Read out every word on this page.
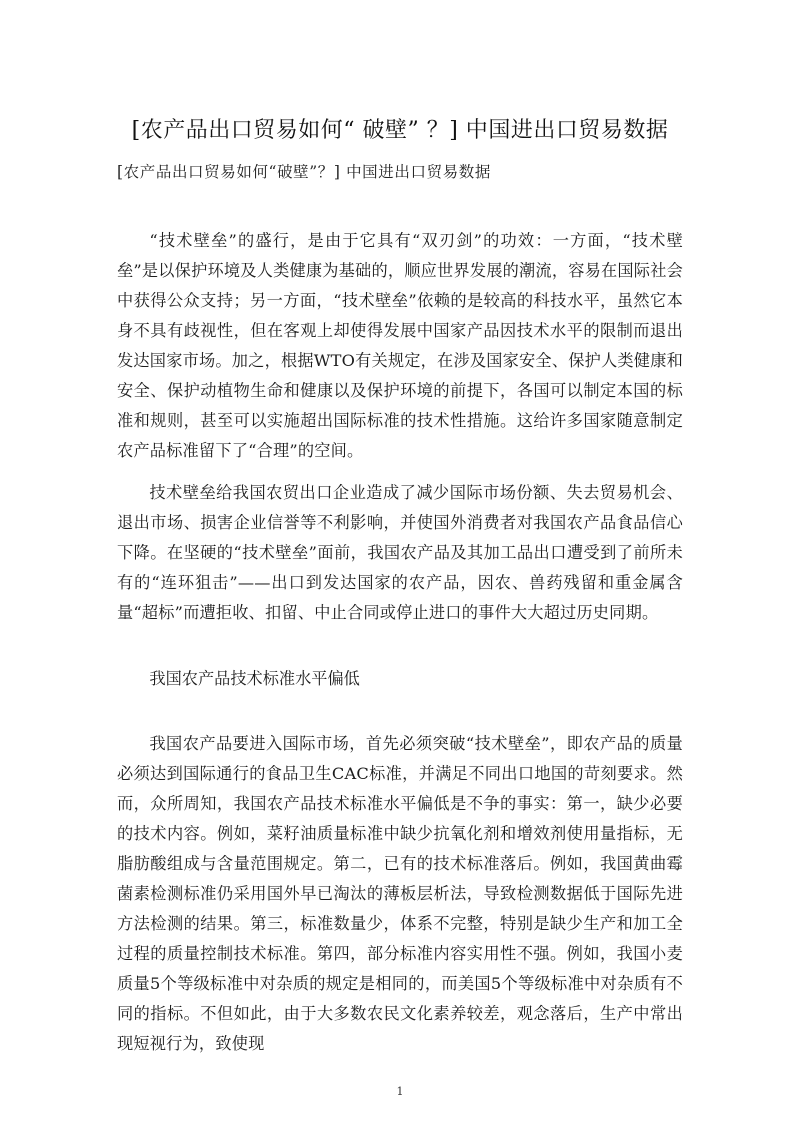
[农产品出口贸易如何“ 破壁” ？] 中国进出口贸易数据
[农产品出口贸易如何“破壁”？] 中国进出口贸易数据

“技术壁垒”的盛行，是由于它具有“双刃剑”的功效：一方面，“技术壁垒”是以保护环境及人类健康为基础的，顺应世界发展的潮流，容易在国际社会中获得公众支持；另一方面，“技术壁垒”依赖的是较高的科技水平，虽然它本身不具有歧视性，但在客观上却使得发展中国家产品因技术水平的限制而退出发达国家市场。加之，根据WTO有关规定，在涉及国家安全、保护人类健康和安全、保护动植物生命和健康以及保护环境的前提下，各国可以制定本国的标准和规则，甚至可以实施超出国际标准的技术性措施。这给许多国家随意制定农产品标准留下了“合理”的空间。

技术壁垒给我国农贸出口企业造成了减少国际市场份额、失去贸易机会、退出市场、损害企业信誉等不利影响，并使国外消费者对我国农产品食品信心下降。在坚硬的“技术壁垒”面前，我国农产品及其加工品出口遭受到了前所未有的“连环狙击”——出口到发达国家的农产品，因农、兽药残留和重金属含量“超标”而遭拒收、扣留、中止合同或停止进口的事件大大超过历史同期。

我国农产品技术标准水平偏低

我国农产品要进入国际市场，首先必须突破“技术壁垒”，即农产品的质量必须达到国际通行的食品卫生CAC标准，并满足不同出口地国的苛刻要求。然而，众所周知，我国农产品技术标准水平偏低是不争的事实：第一，缺少必要的技术内容。例如，菜籽油质量标准中缺少抗氧化剂和增效剂使用量指标，无脂肪酸组成与含量范围规定。第二，已有的技术标准落后。例如，我国黄曲霉菌素检测标准仍采用国外早已淘汰的薄板层析法，导致检测数据低于国际先进方法检测的结果。第三，标准数量少，体系不完整，特别是缺少生产和加工全过程的质量控制技术标准。第四，部分标准内容实用性不强。例如，我国小麦质量5个等级标准中对杂质的规定是相同的，而美国5个等级标准中对杂质有不同的指标。不但如此，由于大多数农民文化素养较差，观念落后，生产中常出现短视行为，致使现

1
